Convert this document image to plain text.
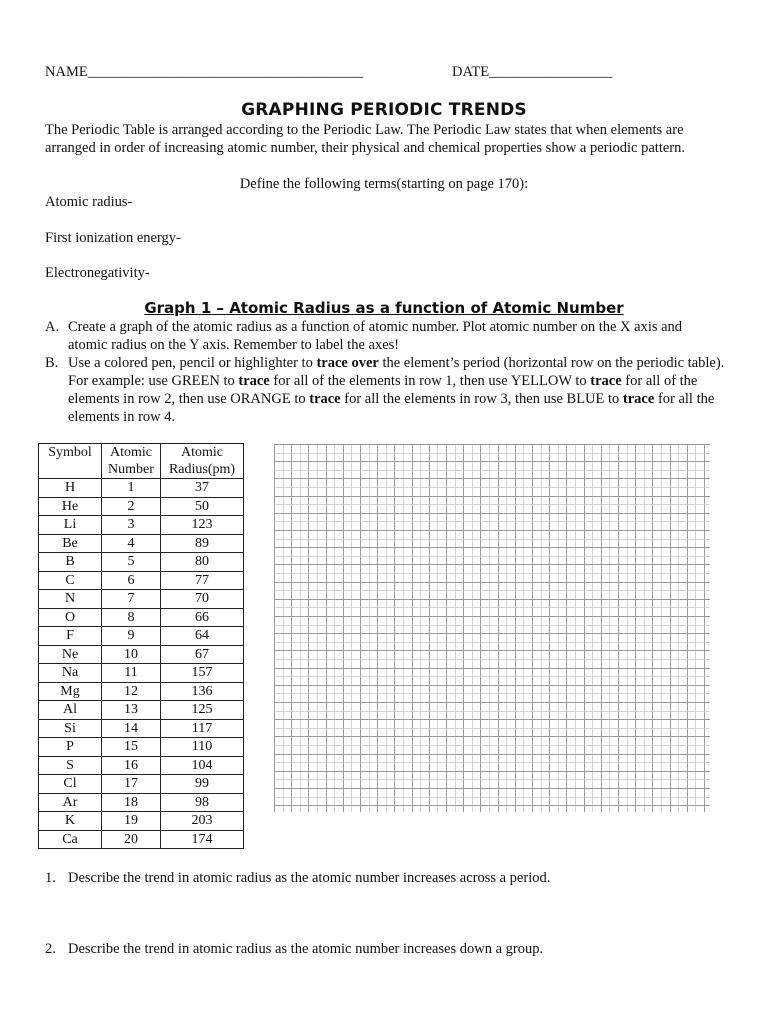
NAME______________________________________	DATE_________________
GRAPHING PERIODIC TRENDS
The Periodic Table is arranged according to the Periodic Law. The Periodic Law states that when elements are arranged in order of increasing atomic number, their physical and chemical properties show a periodic pattern.
Define the following terms(starting on page 170):
Atomic radius-
First ionization energy-
Electronegativity-
Graph 1 – Atomic Radius as a function of Atomic Number
A. Create a graph of the atomic radius as a function of atomic number. Plot atomic number on the X axis and atomic radius on the Y axis. Remember to label the axes!
B. Use a colored pen, pencil or highlighter to trace over the element’s period (horizontal row on the periodic table). For example: use GREEN to trace for all of the elements in row 1, then use YELLOW to trace for all of the elements in row 2, then use ORANGE to trace for all the elements in row 3, then use BLUE to trace for all the elements in row 4.
Symbol	Atomic Number	Atomic Radius(pm)
H	1	37
He	2	50
Li	3	123
Be	4	89
B	5	80
C	6	77
N	7	70
O	8	66
F	9	64
Ne	10	67
Na	11	157
Mg	12	136
Al	13	125
Si	14	117
P	15	110
S	16	104
Cl	17	99
Ar	18	98
K	19	203
Ca	20	174
1. Describe the trend in atomic radius as the atomic number increases across a period.
2. Describe the trend in atomic radius as the atomic number increases down a group.
